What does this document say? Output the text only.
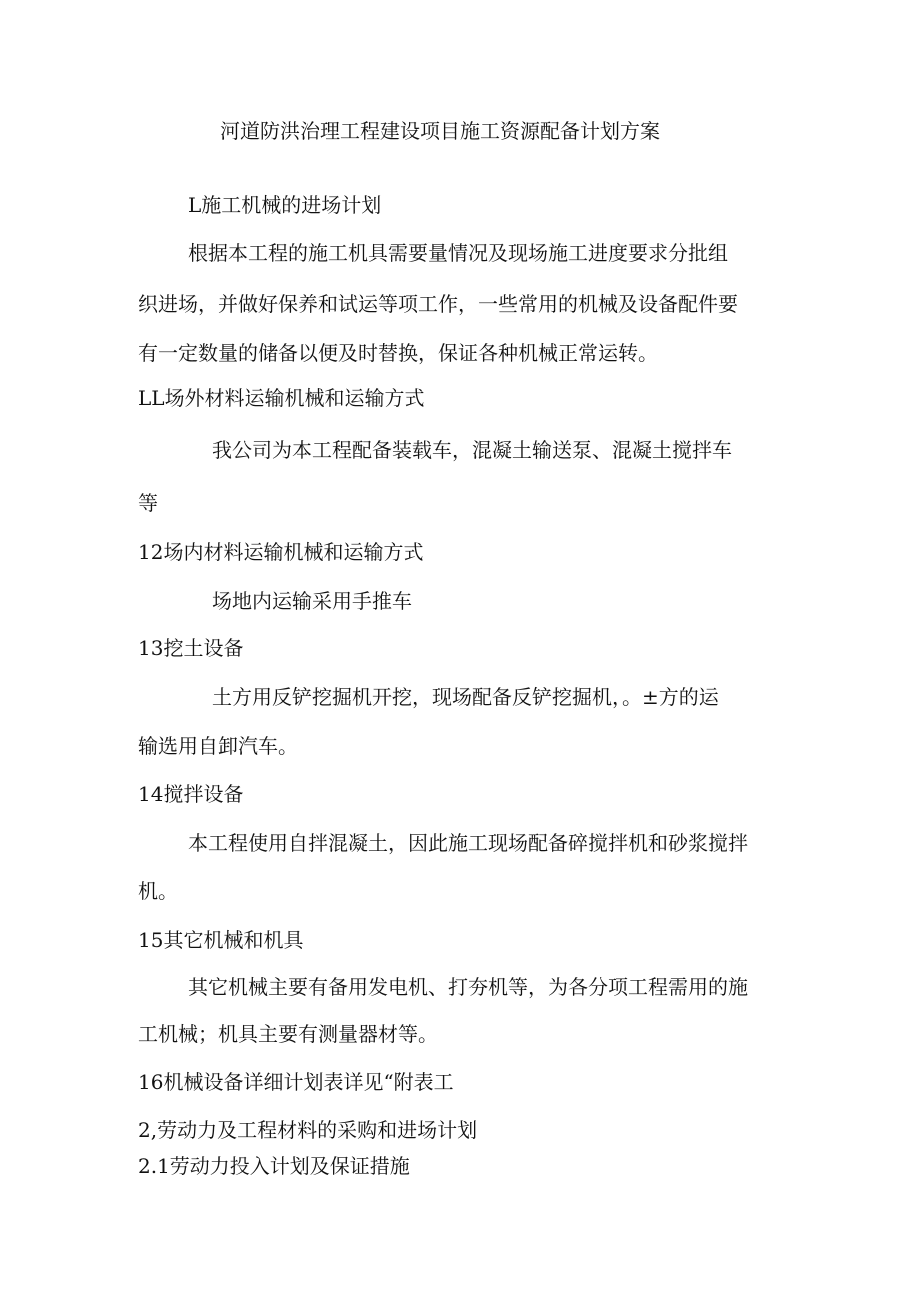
河道防洪治理工程建设项目施工资源配备计划方案

L施工机械的进场计划

根据本工程的施工机具需要量情况及现场施工进度要求分批组

织进场，并做好保养和试运等项工作，一些常用的机械及设备配件要

有一定数量的储备以便及时替换，保证各种机械正常运转。

LL场外材料运输机械和运输方式

我公司为本工程配备装载车，混凝土输送泵、混凝土搅拌车

等

12场内材料运输机械和运输方式

场地内运输采用手推车

13挖土设备

土方用反铲挖掘机开挖，现场配备反铲挖掘机，。±方的运

输选用自卸汽车。

14搅拌设备

本工程使用自拌混凝土，因此施工现场配备碎搅拌机和砂浆搅拌

机。

15其它机械和机具

其它机械主要有备用发电机、打夯机等，为各分项工程需用的施

工机械；机具主要有测量器材等。

16机械设备详细计划表详见“附表工

2,劳动力及工程材料的采购和进场计划

2.1劳动力投入计划及保证措施
